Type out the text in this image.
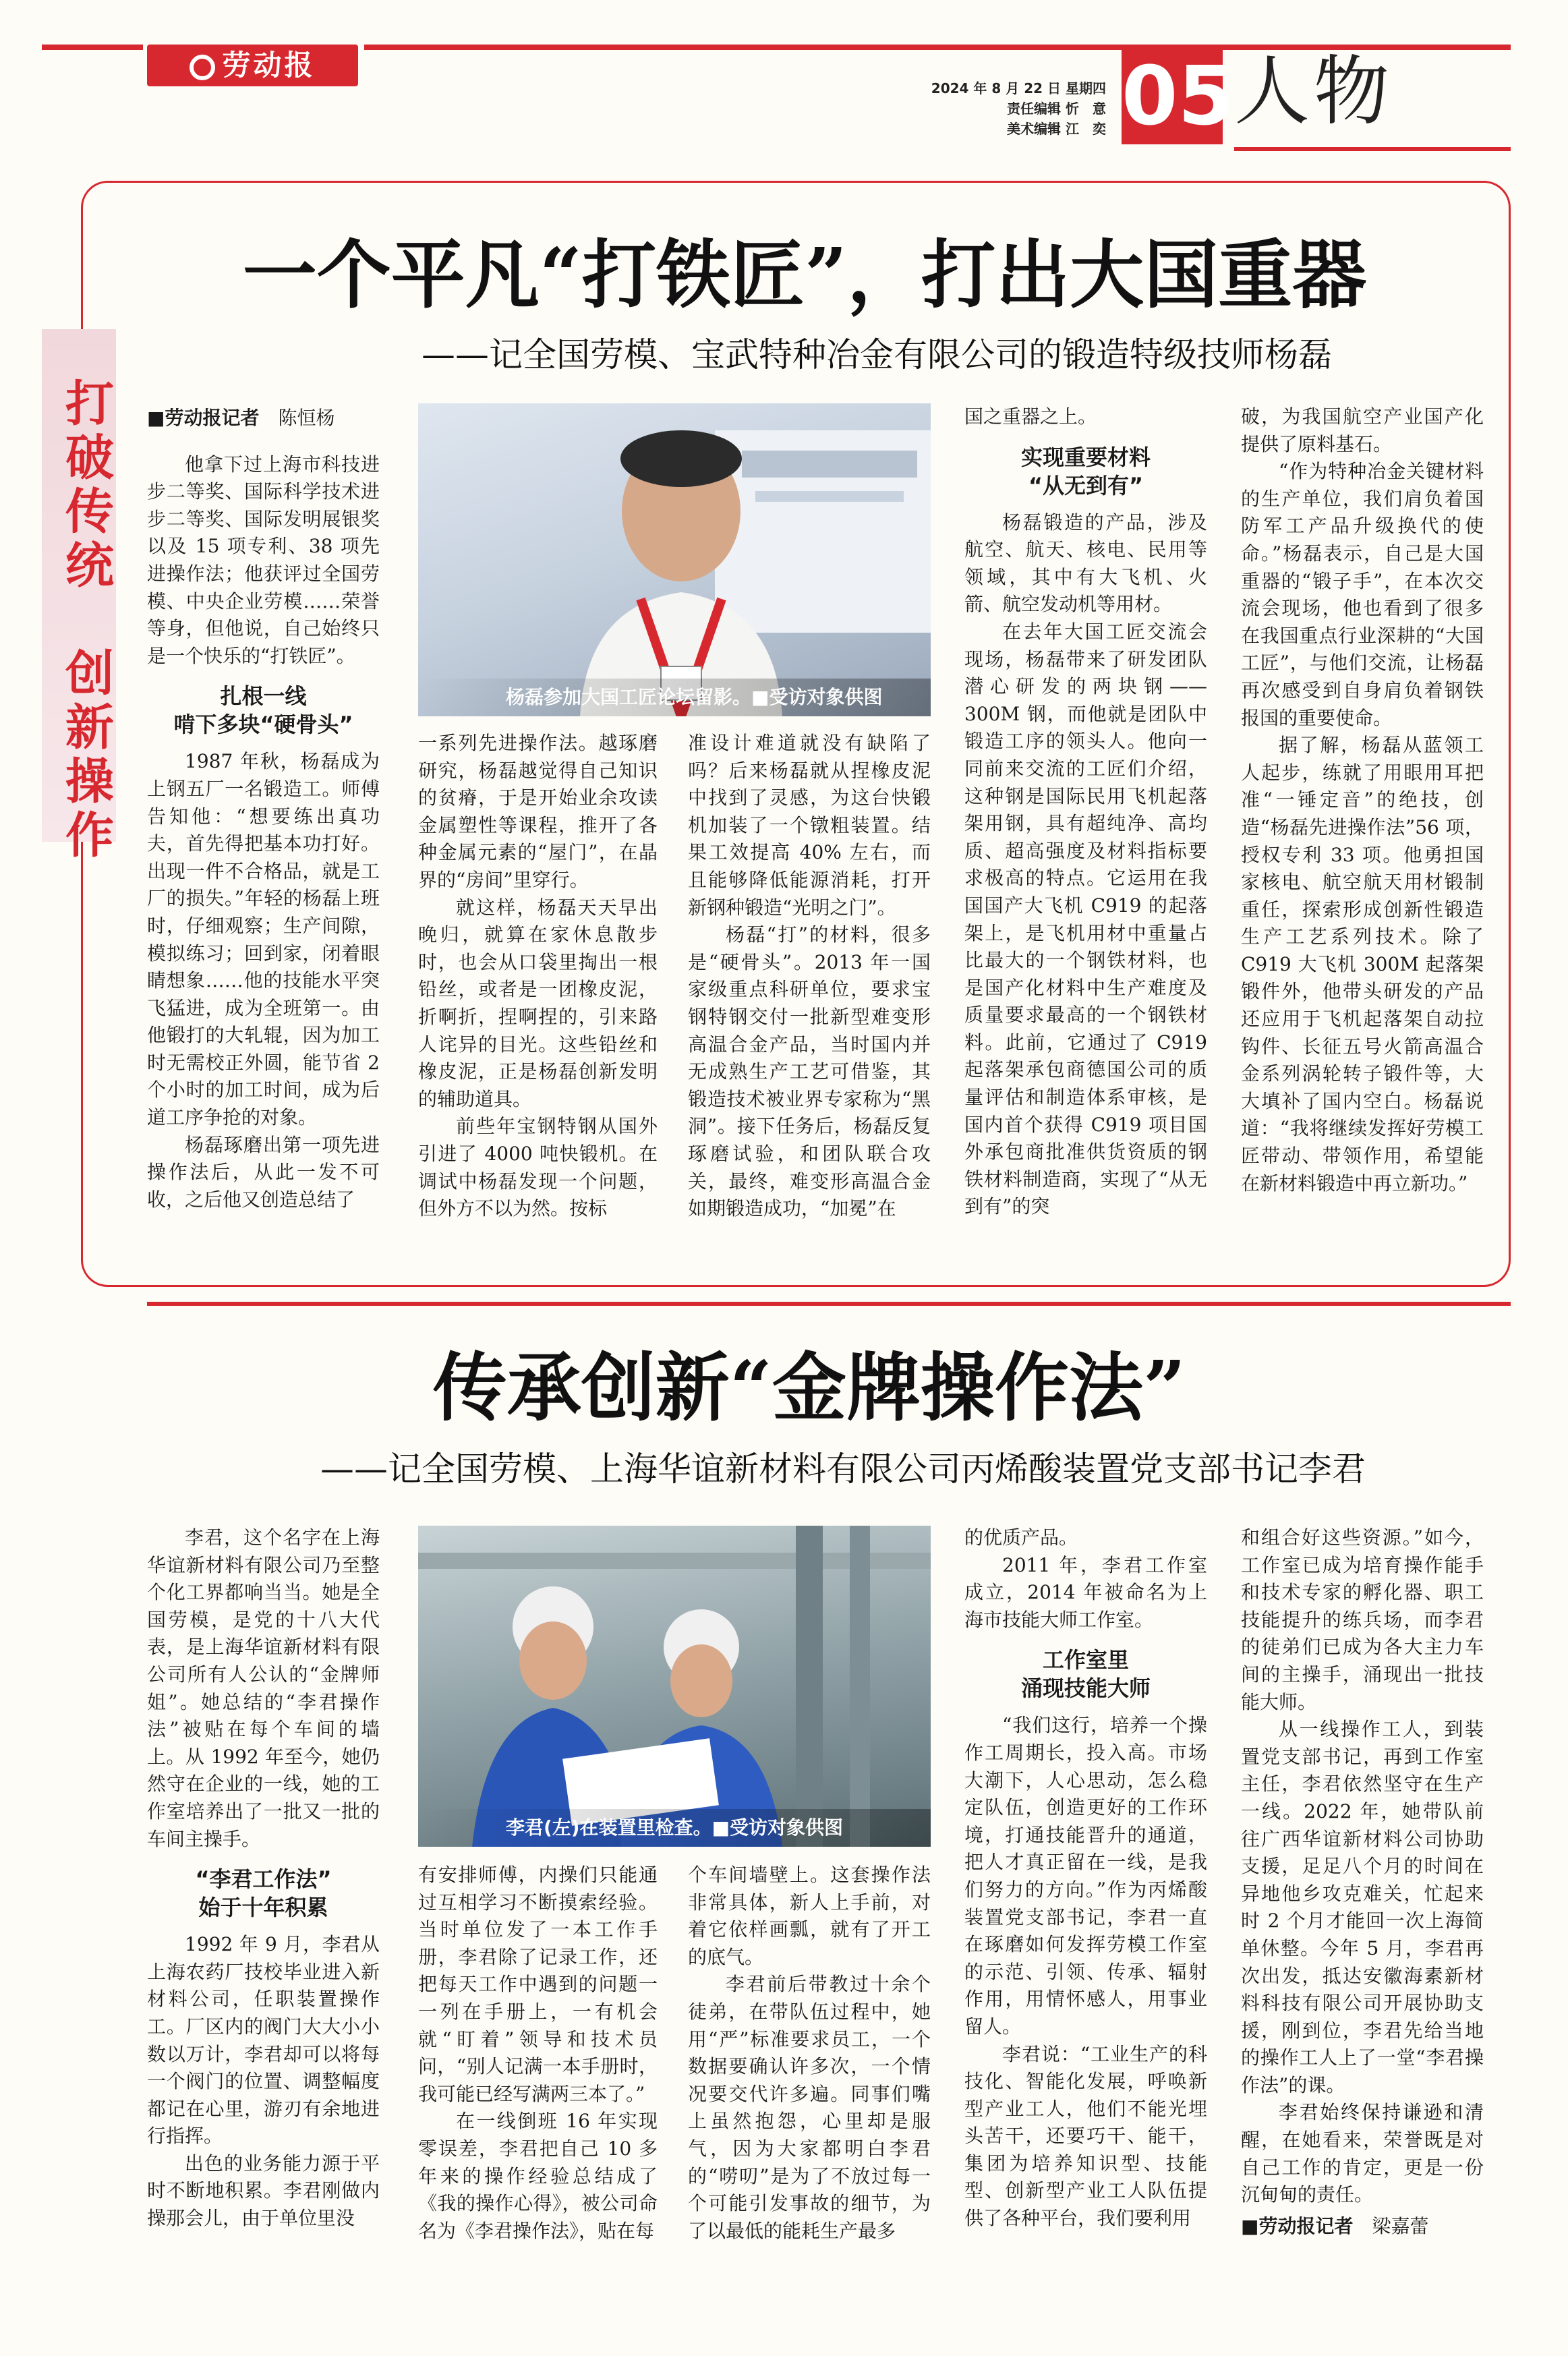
劳动报
2024 年 8 月 22 日 星期四
责任编辑 忻　意
美术编辑 江　奕 05 人物
打破传统　创新操作
一个平凡“打铁匠”，打出大国重器
——记全国劳模、宝武特种冶金有限公司的锻造特级技师杨磊

■劳动报记者　 陈恒杨

他拿下过上海市科技进步二等奖、国际科学技术进步二等奖、国际发明展银奖以及 15 项专利、38 项先进操作法；他获评过全国劳模、中央企业劳模……荣誉等身，但他说，自己始终只是一个快乐的“打铁匠”。

扎根一线
啃下多块“硬骨头”

1987 年秋，杨磊成为上钢五厂一名锻造工。师傅告知他：“想要练出真功夫，首先得把基本功打好。出现一件不合格品，就是工厂的损失。”年轻的杨磊上班时，仔细观察；生产间隙，模拟练习；回到家，闭着眼睛想象……他的技能水平突飞猛进，成为全班第一。由他锻打的大轧辊，因为加工时无需校正外圆，能节省 2 个小时的加工时间，成为后道工序争抢的对象。

杨磊琢磨出第一项先进操作法后，从此一发不可收，之后他又创造总结了

杨磊参加大国工匠论坛留影。■受访对象供图

一系列先进操作法。越琢磨研究，杨磊越觉得自己知识的贫瘠，于是开始业余攻读金属塑性等课程，推开了各种金属元素的“屋门”，在晶界的“房间”里穿行。

就这样，杨磊天天早出晚归，就算在家休息散步时，也会从口袋里掏出一根铅丝，或者是一团橡皮泥，折啊折，捏啊捏的，引来路人诧异的目光。这些铅丝和橡皮泥，正是杨磊创新发明的辅助道具。

前些年宝钢特钢从国外引进了 4000 吨快锻机。在调试中杨磊发现一个问题，但外方不以为然。按标

准设计难道就没有缺陷了吗？后来杨磊就从捏橡皮泥中找到了灵感，为这台快锻机加装了一个镦粗装置。结果工效提高 40% 左右，而且能够降低能源消耗，打开新钢种锻造“光明之门”。

杨磊“打”的材料，很多是“硬骨头”。2013 年一国家级重点科研单位，要求宝钢特钢交付一批新型难变形高温合金产品，当时国内并无成熟生产工艺可借鉴，其锻造技术被业界专家称为“黑洞”。接下任务后，杨磊反复琢磨试验，和团队联合攻关，最终，难变形高温合金如期锻造成功，“加冕”在

国之重器之上。

实现重要材料
“从无到有”

杨磊锻造的产品，涉及航空、航天、核电、民用等领域，其中有大飞机、火箭、航空发动机等用材。

在去年大国工匠交流会现场，杨磊带来了研发团队潜心研发的两块钢——300M 钢，而他就是团队中锻造工序的领头人。他向一同前来交流的工匠们介绍，这种钢是国际民用飞机起落架用钢，具有超纯净、高均质、超高强度及材料指标要求极高的特点。它运用在我国国产大飞机 C919 的起落架上，是飞机用材中重量占比最大的一个钢铁材料，也是国产化材料中生产难度及质量要求最高的一个钢铁材料。此前，它通过了 C919 起落架承包商德国公司的质量评估和制造体系审核，是国内首个获得 C919 项目国外承包商批准供货资质的钢铁材料制造商，实现了“从无到有”的突

破，为我国航空产业国产化提供了原料基石。

“作为特种冶金关键材料的生产单位，我们肩负着国防军工产品升级换代的使命。”杨磊表示，自己是大国重器的“锻子手”，在本次交流会现场，他也看到了很多在我国重点行业深耕的“大国工匠”，与他们交流，让杨磊再次感受到自身肩负着钢铁报国的重要使命。

据了解，杨磊从蓝领工人起步，练就了用眼用耳把准“一锤定音”的绝技，创造“杨磊先进操作法”56 项，授权专利 33 项。他勇担国家核电、航空航天用材锻制重任，探索形成创新性锻造生产工艺系列技术。除了 C919 大飞机 300M 起落架锻件外，他带头研发的产品还应用于飞机起落架自动拉钩件、长征五号火箭高温合金系列涡轮转子锻件等，大大填补了国内空白。杨磊说道：“我将继续发挥好劳模工匠带动、带领作用，希望能在新材料锻造中再立新功。”

传承创新“金牌操作法”
——记全国劳模、上海华谊新材料有限公司丙烯酸装置党支部书记李君

李君，这个名字在上海华谊新材料有限公司乃至整个化工界都响当当。她是全国劳模，是党的十八大代表，是上海华谊新材料有限公司所有人公认的“金牌师姐”。她总结的“李君操作法”被贴在每个车间的墙上。从 1992 年至今，她仍然守在企业的一线，她的工作室培养出了一批又一批的车间主操手。

“李君工作法”
始于十年积累

1992 年 9 月，李君从上海农药厂技校毕业进入新材料公司，任职装置操作工。厂区内的阀门大大小小数以万计，李君却可以将每一个阀门的位置、调整幅度都记在心里，游刃有余地进行指挥。

出色的业务能力源于平时不断地积累。李君刚做内操那会儿，由于单位里没

李君(左)在装置里检查。■受访对象供图

有安排师傅，内操们只能通过互相学习不断摸索经验。当时单位发了一本工作手册，李君除了记录工作，还把每天工作中遇到的问题一一列在手册上，一有机会就“盯着”领导和技术员问，“别人记满一本手册时，我可能已经写满两三本了。”

在一线倒班 16 年实现零误差，李君把自己 10 多年来的操作经验总结成了《我的操作心得》，被公司命名为《李君操作法》，贴在每

个车间墙壁上。这套操作法非常具体，新人上手前，对着它依样画瓢，就有了开工的底气。

李君前后带教过十余个徒弟，在带队伍过程中，她用“严”标准要求员工，一个数据要确认许多次，一个情况要交代许多遍。同事们嘴上虽然抱怨，心里却是服气，因为大家都明白李君的“唠叨”是为了不放过每一个可能引发事故的细节，为了以最低的能耗生产最多

的优质产品。

2011 年，李君工作室成立，2014 年被命名为上海市技能大师工作室。

工作室里
涌现技能大师

“我们这行，培养一个操作工周期长，投入高。市场大潮下，人心思动，怎么稳定队伍，创造更好的工作环境，打通技能晋升的通道，把人才真正留在一线，是我们努力的方向。”作为丙烯酸装置党支部书记，李君一直在琢磨如何发挥劳模工作室的示范、引领、传承、辐射作用，用情怀感人，用事业留人。

李君说：“工业生产的科技化、智能化发展，呼唤新型产业工人，他们不能光埋头苦干，还要巧干、能干，集团为培养知识型、技能型、创新型产业工人队伍提供了各种平台，我们要利用

和组合好这些资源。”如今，工作室已成为培育操作能手和技术专家的孵化器、职工技能提升的练兵场，而李君的徒弟们已成为各大主力车间的主操手，涌现出一批技能大师。

从一线操作工人，到装置党支部书记，再到工作室主任，李君依然坚守在生产一线。2022 年，她带队前往广西华谊新材料公司协助支援，足足八个月的时间在异地他乡攻克难关，忙起来时 2 个月才能回一次上海简单休整。今年 5 月，李君再次出发，抵达安徽海素新材料科技有限公司开展协助支援，刚到位，李君先给当地的操作工人上了一堂“李君操作法”的课。

李君始终保持谦逊和清醒，在她看来，荣誉既是对自己工作的肯定，更是一份沉甸甸的责任。

■劳动报记者　 梁嘉蕾
